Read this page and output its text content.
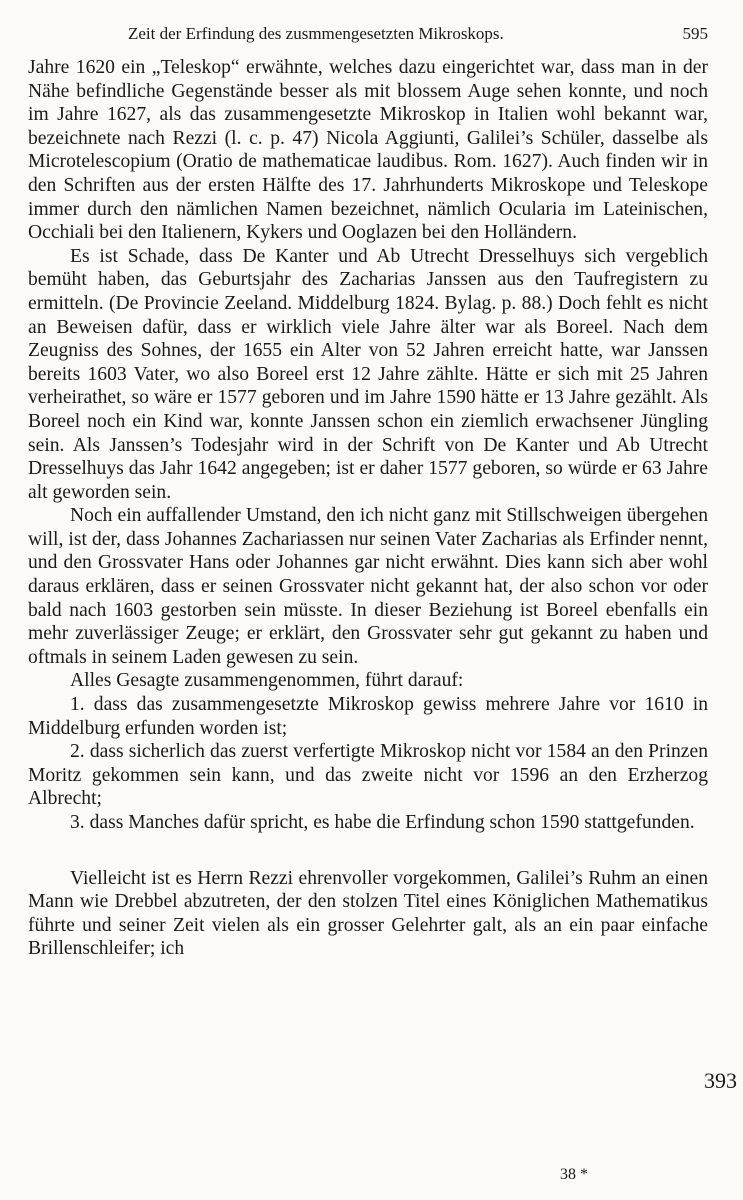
Zeit der Erfindung des zusmmengesetzten Mikroskops.	595

Jahre 1620 ein „Teleskop“ erwähnte, welches dazu eingerichtet war, dass man in der Nähe befindliche Gegenstände besser als mit blossem Auge sehen konnte, und noch im Jahre 1627, als das zusammengesetzte Mikroskop in Italien wohl bekannt war, bezeichnete nach Rezzi (l. c. p. 47) Nicola Aggiunti, Galilei’s Schüler, dasselbe als Microtelescopium (Oratio de mathematicae laudibus. Rom. 1627). Auch finden wir in den Schriften aus der ersten Hälfte des 17. Jahrhunderts Mikroskope und Teleskope immer durch den nämlichen Namen bezeichnet, nämlich Ocularia im Lateinischen, Occhiali bei den Italienern, Kykers und Ooglazen bei den Holländern.

Es ist Schade, dass De Kanter und Ab Utrecht Dresselhuys sich vergeblich bemüht haben, das Geburtsjahr des Zacharias Janssen aus den Taufregistern zu ermitteln. (De Provincie Zeeland. Middelburg 1824. Bylag. p. 88.) Doch fehlt es nicht an Beweisen dafür, dass er wirklich viele Jahre älter war als Boreel. Nach dem Zeugniss des Sohnes, der 1655 ein Alter von 52 Jahren erreicht hatte, war Janssen bereits 1603 Vater, wo also Boreel erst 12 Jahre zählte. Hätte er sich mit 25 Jahren verheirathet, so wäre er 1577 geboren und im Jahre 1590 hätte er 13 Jahre gezählt. Als Boreel noch ein Kind war, konnte Janssen schon ein ziemlich erwachsener Jüngling sein. Als Janssen’s Todesjahr wird in der Schrift von De Kanter und Ab Utrecht Dresselhuys das Jahr 1642 angegeben; ist er daher 1577 geboren, so würde er 63 Jahre alt geworden sein.

Noch ein auffallender Umstand, den ich nicht ganz mit Stillschweigen übergehen will, ist der, dass Johannes Zachariassen nur seinen Vater Zacharias als Erfinder nennt, und den Grossvater Hans oder Johannes gar nicht erwähnt. Dies kann sich aber wohl daraus erklären, dass er seinen Grossvater nicht gekannt hat, der also schon vor oder bald nach 1603 gestorben sein müsste. In dieser Beziehung ist Boreel ebenfalls ein mehr zuverlässiger Zeuge; er erklärt, den Grossvater sehr gut gekannt zu haben und oftmals in seinem Laden gewesen zu sein.

Alles Gesagte zusammengenommen, führt darauf:

1. dass das zusammengesetzte Mikroskop gewiss mehrere Jahre vor 1610 in Middelburg erfunden worden ist;

2. dass sicherlich das zuerst verfertigte Mikroskop nicht vor 1584 an den Prinzen Moritz gekommen sein kann, und das zweite nicht vor 1596 an den Erzherzog Albrecht;

3. dass Manches dafür spricht, es habe die Erfindung schon 1590 stattgefunden.

Vielleicht ist es Herrn Rezzi ehrenvoller vorgekommen, Galilei’s Ruhm an einen Mann wie Drebbel abzutreten, der den stolzen Titel eines Königlichen Mathematikus führte und seiner Zeit vielen als ein grosser Gelehrter galt, als an ein paar einfache Brillenschleifer; ich

393
38 *
